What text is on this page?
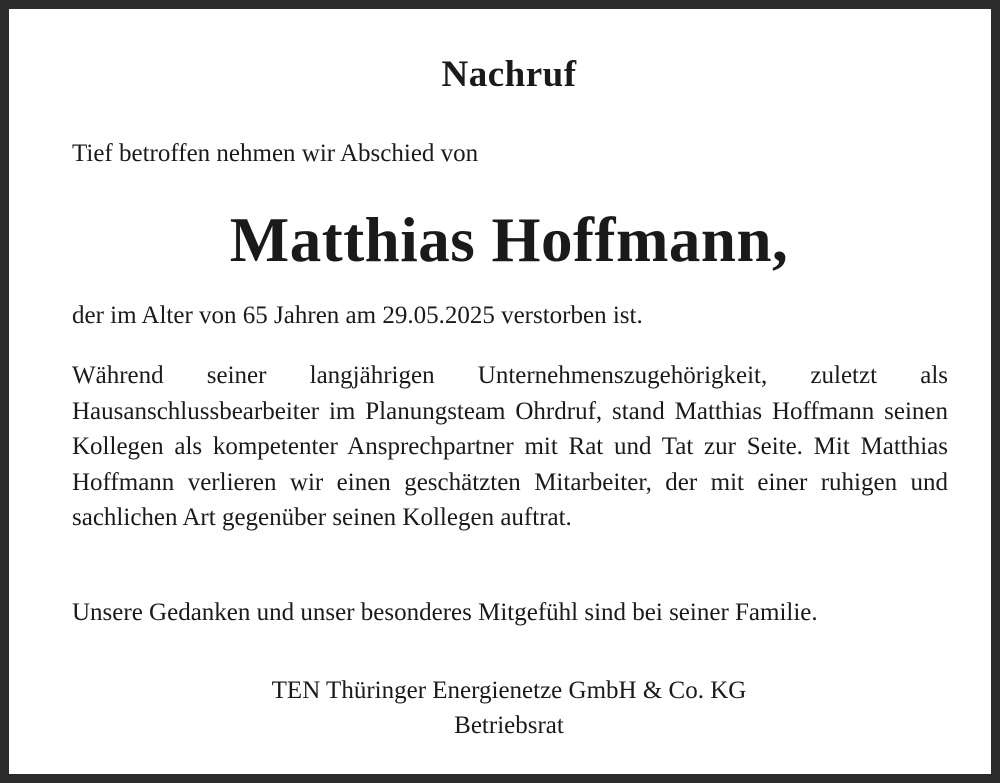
Nachruf
Tief betroffen nehmen wir Abschied von
Matthias Hoffmann,
der im Alter von 65 Jahren am 29.05.2025 verstorben ist.

Während seiner langjährigen Unternehmenszugehörigkeit, zuletzt als Hausanschlussbearbeiter im Planungsteam Ohrdruf, stand Matthias Hoffmann seinen Kollegen als kompetenter Ansprechpartner mit Rat und Tat zur Seite. Mit Matthias Hoffmann verlieren wir einen geschätzten Mitarbeiter, der mit einer ruhigen und sachlichen Art gegenüber seinen Kollegen auftrat.

Unsere Gedanken und unser besonderes Mitgefühl sind bei seiner Familie.
TEN Thüringer Energienetze GmbH & Co. KG
Betriebsrat
